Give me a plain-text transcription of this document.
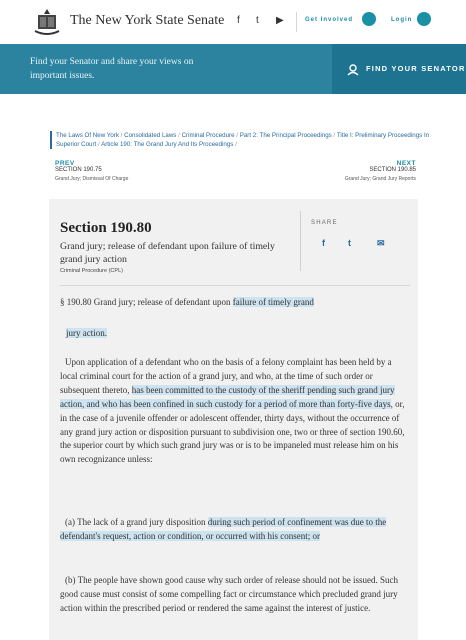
The New York State Senate f t ▶	Get Involved	Login
Find your Senator and share your views on important issues.
FIND YOUR SENATOR
The Laws Of New York / Consolidated Laws / Criminal Procedure / Part 2: The Principal Proceedings / Title I: Preliminary Proceedings In Superior Court / Article 190: The Grand Jury And Its Proceedings /
PREV
SECTION 190.75
Grand Jury; Dismissal Of Charge
NEXT
SECTION 190.85
Grand Jury; Grand Jury Reports
Section 190.80
Grand jury; release of defendant upon failure of timely grand jury action
Criminal Procedure (CPL)
SHARE
f	t	✉
§ 190.80 Grand jury; release of defendant upon failure of timely grand
jury action.
Upon application of a defendant who on the basis of a felony complaint has been held by a local criminal court for the action of a grand jury, and who, at the time of such order or subsequent thereto, has been committed to the custody of the sheriff pending such grand jury action, and who has been confined in such custody for a period of more than forty-five days, or, in the case of a juvenile offender or adolescent offender, thirty days, without the occurrence of any grand jury action or disposition pursuant to subdivision one, two or three of section 190.60, the superior court by which such grand jury was or is to be impaneled must release him on his own recognizance unless:
(a) The lack of a grand jury disposition during such period of confinement was due to the defendant's request, action or condition, or occurred with his consent; or
(b) The people have shown good cause why such order of release should not be issued. Such good cause must consist of some compelling fact or circumstance which precluded grand jury action within the prescribed period or rendered the same against the interest of justice.
